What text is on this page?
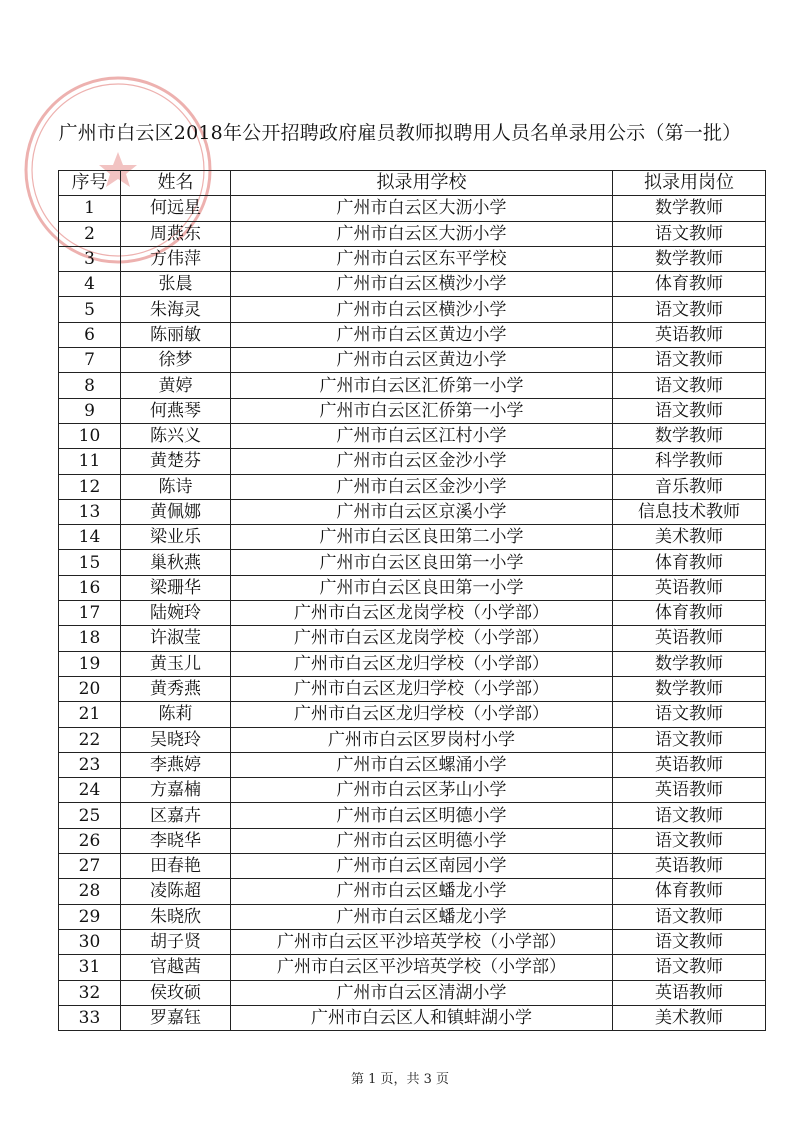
广州市白云区2018年公开招聘政府雇员教师拟聘用人员名单录用公示（第一批）
序号	姓名	拟录用学校	拟录用岗位
1	何远星	广州市白云区大沥小学	数学教师
2	周燕东	广州市白云区大沥小学	语文教师
3	方伟萍	广州市白云区东平学校	数学教师
4	张晨	广州市白云区横沙小学	体育教师
5	朱海灵	广州市白云区横沙小学	语文教师
6	陈丽敏	广州市白云区黄边小学	英语教师
7	徐梦	广州市白云区黄边小学	语文教师
8	黄婷	广州市白云区汇侨第一小学	语文教师
9	何燕琴	广州市白云区汇侨第一小学	语文教师
10	陈兴义	广州市白云区江村小学	数学教师
11	黄楚芬	广州市白云区金沙小学	科学教师
12	陈诗	广州市白云区金沙小学	音乐教师
13	黄佩娜	广州市白云区京溪小学	信息技术教师
14	梁业乐	广州市白云区良田第二小学	美术教师
15	巢秋燕	广州市白云区良田第一小学	体育教师
16	梁珊华	广州市白云区良田第一小学	英语教师
17	陆婉玲	广州市白云区龙岗学校（小学部）	体育教师
18	许淑莹	广州市白云区龙岗学校（小学部）	英语教师
19	黄玉儿	广州市白云区龙归学校（小学部）	数学教师
20	黄秀燕	广州市白云区龙归学校（小学部）	数学教师
21	陈莉	广州市白云区龙归学校（小学部）	语文教师
22	吴晓玲	广州市白云区罗岗村小学	语文教师
23	李燕婷	广州市白云区螺涌小学	英语教师
24	方嘉楠	广州市白云区茅山小学	英语教师
25	区嘉卉	广州市白云区明德小学	语文教师
26	李晓华	广州市白云区明德小学	语文教师
27	田春艳	广州市白云区南园小学	英语教师
28	凌陈超	广州市白云区蟠龙小学	体育教师
29	朱晓欣	广州市白云区蟠龙小学	语文教师
30	胡子贤	广州市白云区平沙培英学校（小学部）	语文教师
31	官越茜	广州市白云区平沙培英学校（小学部）	语文教师
32	侯玫硕	广州市白云区清湖小学	英语教师
33	罗嘉钰	广州市白云区人和镇蚌湖小学	美术教师
第 1 页，共 3 页
